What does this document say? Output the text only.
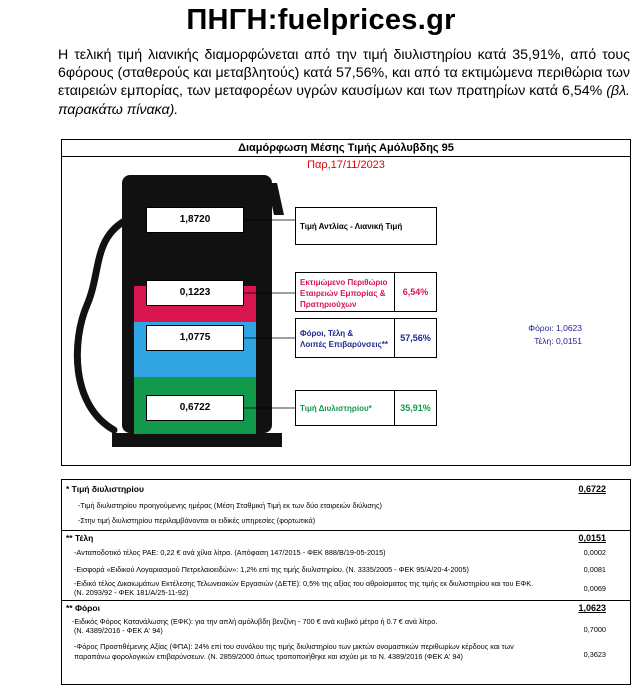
ΠΗΓΗ:fuelprices.gr
Η τελική τιμή λιανικής διαμορφώνεται από την τιμή διυλιστηρίου κατά 35,91%, από τους 6φόρους (σταθερούς και μεταβλητούς) κατά 57,56%, και από τα εκτιμώμενα περιθώρια των εταιρειών εμπορίας, των μεταφορέων υγρών καυσίμων και των πρατηρίων κατά 6,54% (βλ. παρακάτω πίνακα).
Διαμόρφωση Μέσης Τιμής Αμόλυβδης 95
Παρ,17/11/2023
1,8720
0,1223
1,0775
0,6722
Τιμή Αντλίας - Λιανική Τιμή
Εκτιμώμενο Περιθώριο
Εταιρειών Εμπορίας &
Πρατηριούχων
6,54%
Φόροι, Τέλη &
Λοιπές Επιβαρύνσεις**
57,56%
Τιμή Διυλιστηρίου*	35,91%
Φόροι: 1,0623
Τέλη: 0,0151
* Τιμή διυλιστηρίου	0,6722
-Τιμή διυλιστηρίου προηγούμενης ημέρας (Μέση Σταθμική Τιμή εκ των δύο εταιρειών διύλισης)
-Στην τιμή διυλιστηρίου περιλαμβάνονται οι ειδικές υπηρεσίες (φορτωτικά)
** Τέλη	0,0151
-Ανταποδοτικό τέλος ΡΑΕ: 0,22 € ανά χίλια λίτρα. (Απόφαση 147/2015 - ΦΕΚ 888/Β/19-05-2015)	0,0002
-Εισφορά «Ειδικού Λογαριασμού Πετρελαιοειδών»: 1,2% επί της τιμής διυλιστηρίου. (Ν. 3335/2005 - ΦΕΚ 95/Α/20-4-2005)	0,0081
-Ειδικό τέλος Δικαιωμάτων Εκτέλεσης Τελωνειακών Εργασιών (ΔΕΤΕ): 0,5% της αξίας του αθροίσματος της τιμής εκ διυλιστηρίου και του ΕΦΚ.
(Ν. 2093/92 - ΦΕΚ 181/Α/25-11-92)	0,0069
** Φόροι	1,0623
-Ειδικός Φόρος Κατανάλωσης (ΕΦΚ): για την απλή αμόλυβδη βενζίνη - 700 € ανά κυβικό μέτρο ή 0.7 € ανά λίτρο.
(Ν. 4389/2016 - ΦΕΚ Α' 94)	0,7000
-Φόρος Προστιθέμενης Αξίας (ΦΠΑ): 24% επί του συνόλου της τιμής διυλιστηρίου των μικτών ονομαστικών περιθωρίων κέρδους και των
παραπάνω φορολογικών επιβαρύνσεων. (Ν. 2859/2000 όπως τροποποιήθηκε και ισχύει με το Ν. 4389/2016 (ΦΕΚ Α' 94)	0,3623
